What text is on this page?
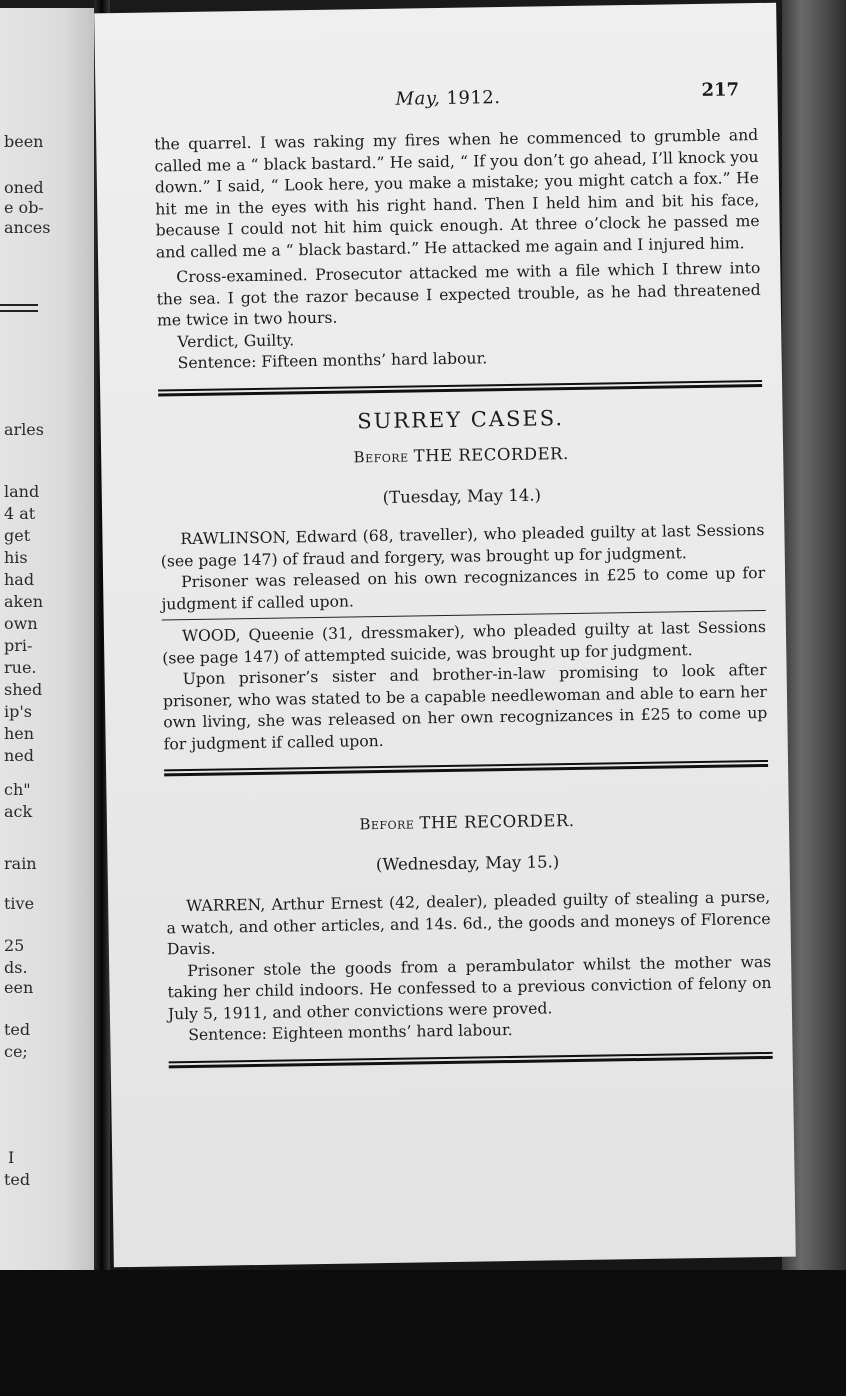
been
oned
e ob-
ances
arles
land
4 at
get
his
had
aken
own
pri-
rue.
shed
ip's
hen
ned
ch"
ack
rain
tive
25
ds.
een
ted
ce;
I
ted
May, 1912.	217

the quarrel. I was raking my fires when he commenced to grumble and called me a “ black bastard.” He said, “ If you don’t go ahead, I’ll knock you down.” I said, “ Look here, you make a mistake; you might catch a fox.” He hit me in the eyes with his right hand. Then I held him and bit his face, because I could not hit him quick enough. At three o’clock he passed me and called me a “ black bastard.” He attacked me again and I injured him.

Cross-examined. Prosecutor attacked me with a file which I threw into the sea. I got the razor because I expected trouble, as he had threatened me twice in two hours.

Verdict, Guilty.

Sentence: Fifteen months’ hard labour.

SURREY CASES.
Before THE RECORDER.
(Tuesday, May 14.)

RAWLINSON, Edward (68, traveller), who pleaded guilty at last Sessions (see page 147) of fraud and forgery, was brought up for judgment.

Prisoner was released on his own recognizances in £25 to come up for judgment if called upon.

WOOD, Queenie (31, dressmaker), who pleaded guilty at last Sessions (see page 147) of attempted suicide, was brought up for judgment.

Upon prisoner’s sister and brother-in-law promising to look after prisoner, who was stated to be a capable needlewoman and able to earn her own living, she was released on her own recognizances in £25 to come up for judgment if called upon.

Before THE RECORDER.
(Wednesday, May 15.)

WARREN, Arthur Ernest (42, dealer), pleaded guilty of stealing a purse, a watch, and other articles, and 14s. 6d., the goods and moneys of Florence Davis.

Prisoner stole the goods from a perambulator whilst the mother was taking her child indoors. He confessed to a previous conviction of felony on July 5, 1911, and other convictions were proved.

Sentence: Eighteen months’ hard labour.
